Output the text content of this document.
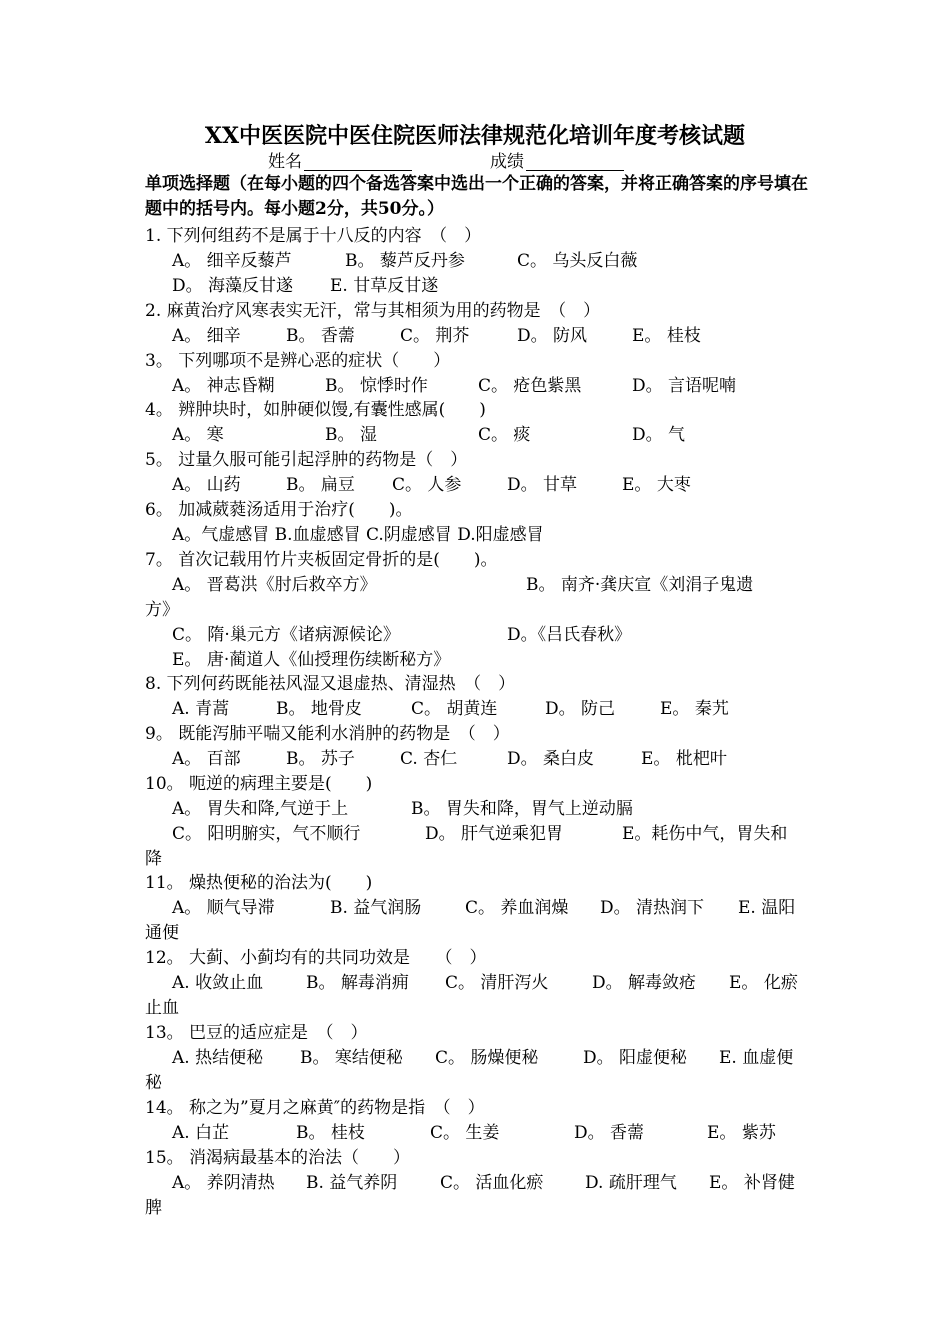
XX中医医院中医住院医师法律规范化培训年度考核试题
姓名	成绩
单项选择题（在每小题的四个备选答案中选出一个正确的答案，并将正确答案的序号填在题中的括号内。每小题2分，共50分。）
1. 下列何组药不是属于十八反的内容　（　）
A。 细辛反藜芦	B。 藜芦反丹参	C。 乌头反白薇
D。 海藻反甘遂 E. 甘草反甘遂
2. 麻黄治疗风寒表实无汗，常与其相须为用的药物是　（　）
A。 细辛	B。 香薷	C。 荆芥	D。 防风	E。 桂枝
3。 下列哪项不是辨心恶的症状（　　）
A。 神志昏糊	B。 惊悸时作	C。 疮色紫黑	D。 言语呢喃
4。 辨肿块时，如肿硬似馒,有囊性感属(　　)
A。 寒	B。 湿	C。 痰	D。 气
5。 过量久服可能引起浮肿的药物是（　）
A。 山药	B。 扁豆 C。 人参	D。 甘草	E。 大枣
6。 加减葳蕤汤适用于治疗(　　)。
A。气虚感冒 B.血虚感冒 C.阴虚感冒 D.阳虚感冒
7。 首次记载用竹片夹板固定骨折的是(　　)。
A。 晋葛洪《肘后救卒方》	B。 南齐·龚庆宣《刘涓子鬼遗
方》
C。 隋·巢元方《诸病源候论》	D。《吕氏春秋》
E。 唐·蔺道人《仙授理伤续断秘方》
8. 下列何药既能祛风湿又退虚热、清湿热　（　）
A. 青蒿	B。 地骨皮	C。 胡黄连	D。 防己	E。 秦艽
9。 既能泻肺平喘又能利水消肿的药物是　（　）
A。 百部	B。 苏子	C. 杏仁	D。 桑白皮	E。 枇杷叶
10。 呃逆的病理主要是(　　)
A。 胃失和降,气逆于上	B。 胃失和降，胃气上逆动膈
C。 阳明腑实，气不顺行	D。 肝气逆乘犯胃	E。耗伤中气，胃失和
降
11。 燥热便秘的治法为(　　)
A。 顺气导滞	B. 益气润肠	C。 养血润燥 D。 清热润下 E. 温阳
通便
12。 大蓟、小蓟均有的共同功效是　　（　）
A. 收敛止血	B。 解毒消痈 C。 清肝泻火	D。 解毒敛疮 E。 化瘀
止血
13。 巴豆的适应症是　（　）
A. 热结便秘 B。 寒结便秘 C。 肠燥便秘	D。 阳虚便秘 E. 血虚便
秘
14。 称之为”夏月之麻黄″的药物是指　（　）
A. 白芷	B。 桂枝	C。 生姜	D。 香薷	E。 紫苏
15。 消渴病最基本的治法（　　）
A。 养阴清热 B. 益气养阴	C。 活血化瘀 D. 疏肝理气 E。 补肾健
脾
